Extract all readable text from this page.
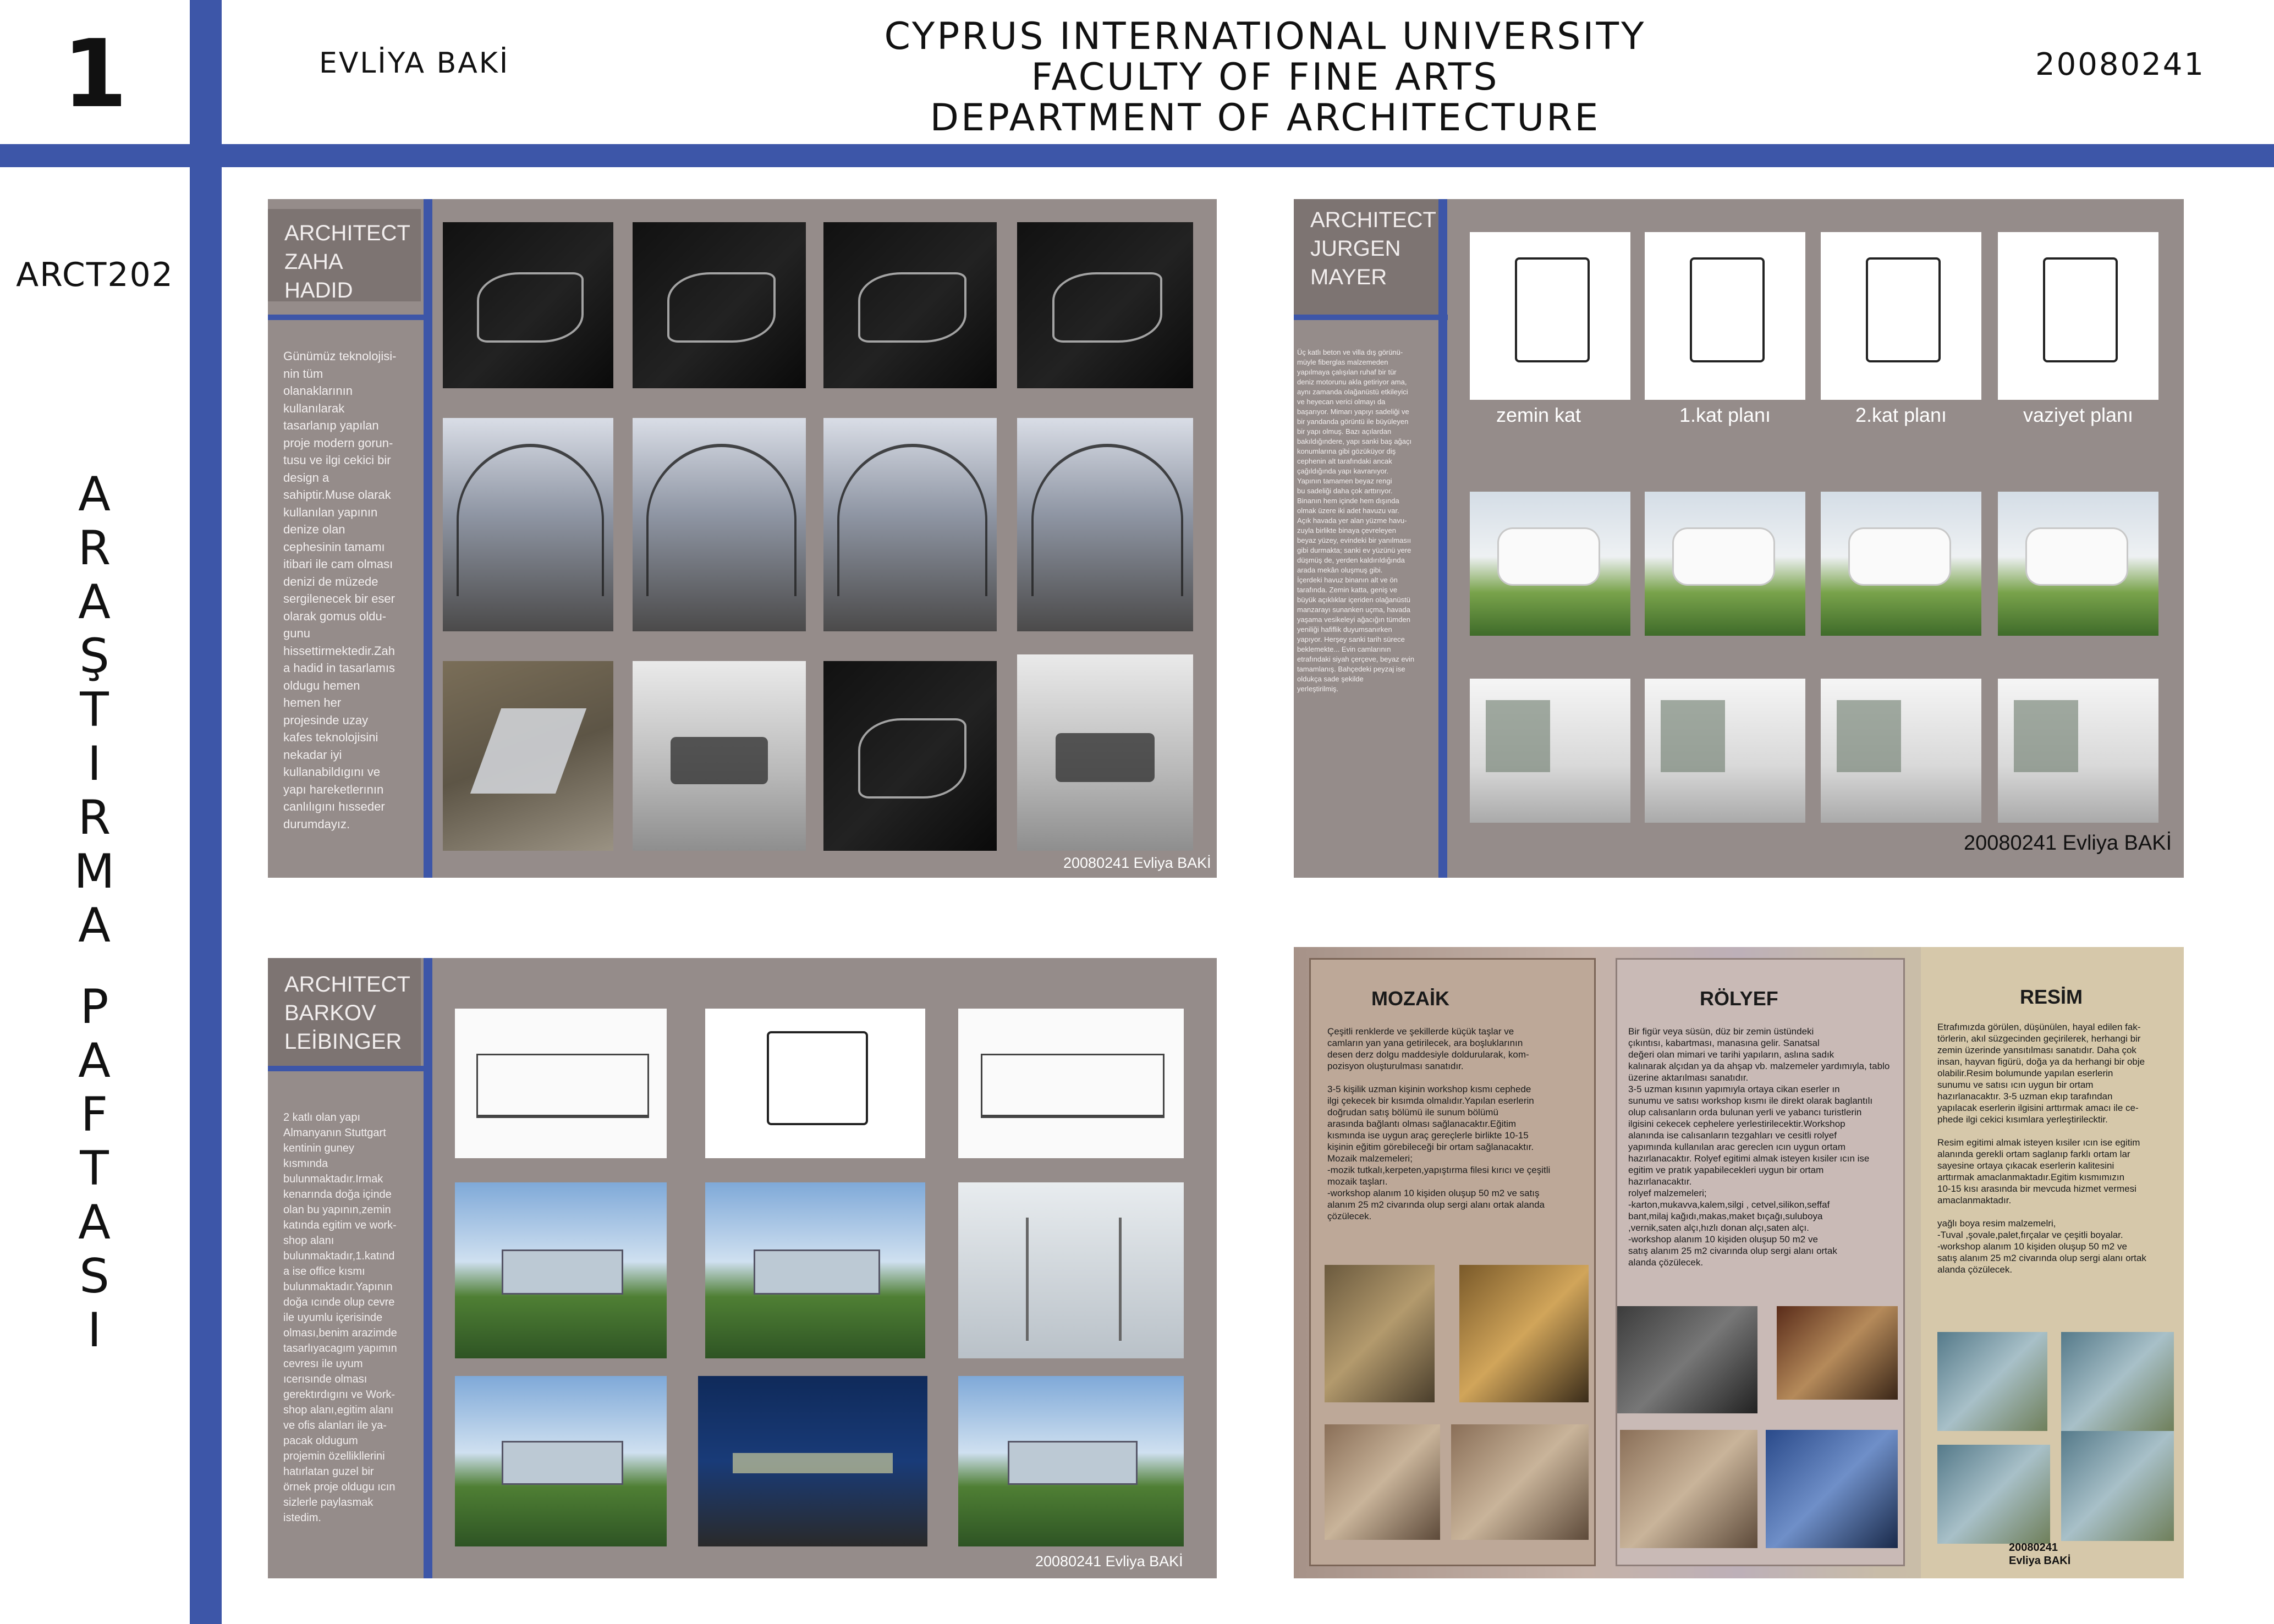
1	EVLİYA BAKİ
CYPRUS INTERNATIONAL UNIVERSITY
FACULTY OF FINE ARTS
DEPARTMENT OF ARCHITECTURE
20080241
ARCT202
A
R
A
Ş
T
I
R
M
A
P
A
F
T
A
S
I
ARCHITECT
ZAHA
HADID
Günümüz teknolojisi-
nin tüm
olanaklarının
kullanılarak
tasarlanıp yapılan
proje modern gorun-
tusu ve ilgi cekici bir
design a
sahiptir.Muse olarak
kullanılan yapının
denize olan
cephesinin tamamı
itibari ile cam olması
denizi de müzede
sergilenecek bir eser
olarak gomus oldu-
gunu
hissettirmektedir.Zah
a hadid in tasarlamıs
oldugu hemen
hemen her
projesinde uzay
kafes teknolojisini
nekadar iyi
kullanabildıgını ve
yapı hareketlerının
canlılıgını hısseder
durumdayız.
20080241 Evliya BAKİ
ARCHITECT
JURGEN
MAYER
Üç katlı beton ve villa dış görünü-
müyle fiberglas malzemeden
yapılmaya çalışılan ruhaf bir tür
deniz motorunu akla getiriyor ama,
aynı zamanda olağanüstü etkileyici
ve heyecan verici olmayı da
başarıyor. Mimarı yapıyı sadeliği ve
bir yandanda görüntü ile büyüleyen
bir yapı olmuş. Bazı açılardan
bakıldığındere, yapı sanki baş ağaçı
konumlarına gibi gözüküyor diş
cephenin alt tarafındaki ancak
çağıldığında yapı kavranıyor.
Yapının tamamen beyaz rengi
bu sadeliği daha çok arttırıyor.
Binanın hem içinde hem dışında
olmak üzere iki adet havuzu var.
Açık havada yer alan yüzme havu-
zuyla birlikte binaya çevreleyen
beyaz yüzey, evindeki bir yanılmasıı
gibi durmakta; sanki ev yüzünü yere
düşmüş de, yerden kaldırıldığında
arada mekân oluşmuş gibi.
İçerdeki havuz binanın alt ve ön
tarafında. Zemin katta, geniş ve
büyük açıklıklar içeriden olağanüstü
manzarayı sunanken uçma, havada
yaşama vesikeleyi ağacığın tümden
yeniliği hafiflik duyumsanırken
yapıyor. Herşey sanki tarih sürece
beklemekte... Evin camlarının
etrafındaki siyah çerçeve, beyaz evin
tamamlanış. Bahçedeki peyzaj ise
oldukça sade şekilde
yerleştirilmiş.
zemin kat	1.kat planı	2.kat planı	vaziyet planı
20080241 Evliya BAKİ
ARCHITECT
BARKOV
LEİBINGER
2 katlı olan yapı
Almanyanın Stuttgart
kentinin guney
kısmında
bulunmaktadır.Irmak
kenarında doğa içinde
olan bu yapının,zemin
katında egitim ve work-
shop alanı
bulunmaktadır,1.katınd
a ise office kısmı
bulunmaktadır.Yapının
doğa ıcınde olup cevre
ile uyumlu içerisinde
olması,benim arazimde
tasarlıyacagım yapımın
cevresı ile uyum
ıcerısınde olması
gerektırdıgını ve Work-
shop alanı,egitim alanı
ve ofis alanları ile ya-
pacak oldugum
projemin özellikllerini
hatırlatan guzel bir
örnek proje oldugu ıcın
sizlerle paylasmak
istedim.
20080241 Evliya BAKİ
MOZAİK
Çeşitli renklerde ve şekillerde küçük taşlar ve
camların yan yana getirilecek, ara boşluklarının
desen derz dolgu maddesiyle doldurularak, kom-
pozisyon oluşturulması sanatıdır.

3-5 kişilik uzman kişinin workshop kısmı cephede
ilgi çekecek bir kısımda olmalıdır.Yapılan eserlerin
doğrudan satış bölümü ile sunum bölümü
arasında bağlantı olması sağlanacaktır.Eğitim
kısmında ise uygun araç gereçlerle birlikte 10-15
kişinin eğitim görebileceği bir ortam sağlanacaktır.
Mozaik malzemeleri;
-mozik tutkalı,kerpeten,yapıştırma filesi kırıcı ve çeşitli
mozaik taşları.
-workshop alanım 10 kişiden oluşup 50 m2 ve satış
alanım 25 m2 civarında olup sergi alanı ortak alanda
çözülecek.
RÖLYEF
Bir figür veya süsün, düz bir zemin üstündeki
çıkıntısı, kabartması, manasına gelir. Sanatsal
değeri olan mimari ve tarihi yapıların, aslına sadık
kalınarak alçıdan ya da ahşap vb. malzemeler yardımıyla, tablo
üzerine aktarılması sanatıdır.
3-5 uzman kısının yapımıyla ortaya cikan eserler ın
sunumu ve satısı workshop kısmı ile direkt olarak baglantılı
olup calısanların orda bulunan yerli ve yabancı turistlerin
ilgisini cekecek cephelere yerlestirilecektir.Workshop
alanında ise calısanların tezgahları ve cesitli rolyef
yapımında kullanılan arac gereclen ıcın uygun ortam
hazırlanacaktır. Rolyef egitimi almak isteyen kısiler ıcın ise
egitim ve pratık yapabilecekleri uygun bir ortam
hazırlanacaktır.
rolyef malzemeleri;
-karton,mukavva,kalem,silgi , cetvel,silikon,seffaf
bant,milaj kağıdı,makas,maket bıçağı,suluboya
,vernik,saten alçı,hızlı donan alçı,saten alçı.
-workshop alanım 10 kişiden oluşup 50 m2 ve
satış alanım 25 m2 civarında olup sergi alanı ortak
alanda çözülecek.
RESİM
Etrafımızda görülen, düşünülen, hayal edilen fak-
törlerin, akıl süzgecinden geçirilerek, herhangi bir
zemin üzerinde yansıtılması sanatıdır. Daha çok
insan, hayvan figürü, doğa ya da herhangi bir obje
olabilir.Resim bolumunde yapılan eserlerin
sunumu ve satısı ıcın uygun bir ortam
hazırlanacaktır. 3-5 uzman ekıp tarafından
yapılacak eserlerin ilgisini arttırmak amacı ile ce-
phede ilgi cekici kısımlara yerleştirilecktir.

Resim egitimi almak isteyen kısiler ıcın ise egitim
alanında gerekli ortam saglanıp farklı ortam lar
sayesine ortaya çıkacak eserlerin kalitesini
arttırmak amaclanmaktadır.Egitim kısmımızın
10-15 kısı arasında bir mevcuda hizmet vermesi
amaclanmaktadır.

yağlı boya resim malzemelri,
-Tuval ,şovale,palet,fırçalar ve çeşitli boyalar.
-workshop alanım 10 kişiden oluşup 50 m2 ve
satış alanım 25 m2 civarında olup sergi alanı ortak
alanda çözülecek.
20080241
Evliya BAKİ
